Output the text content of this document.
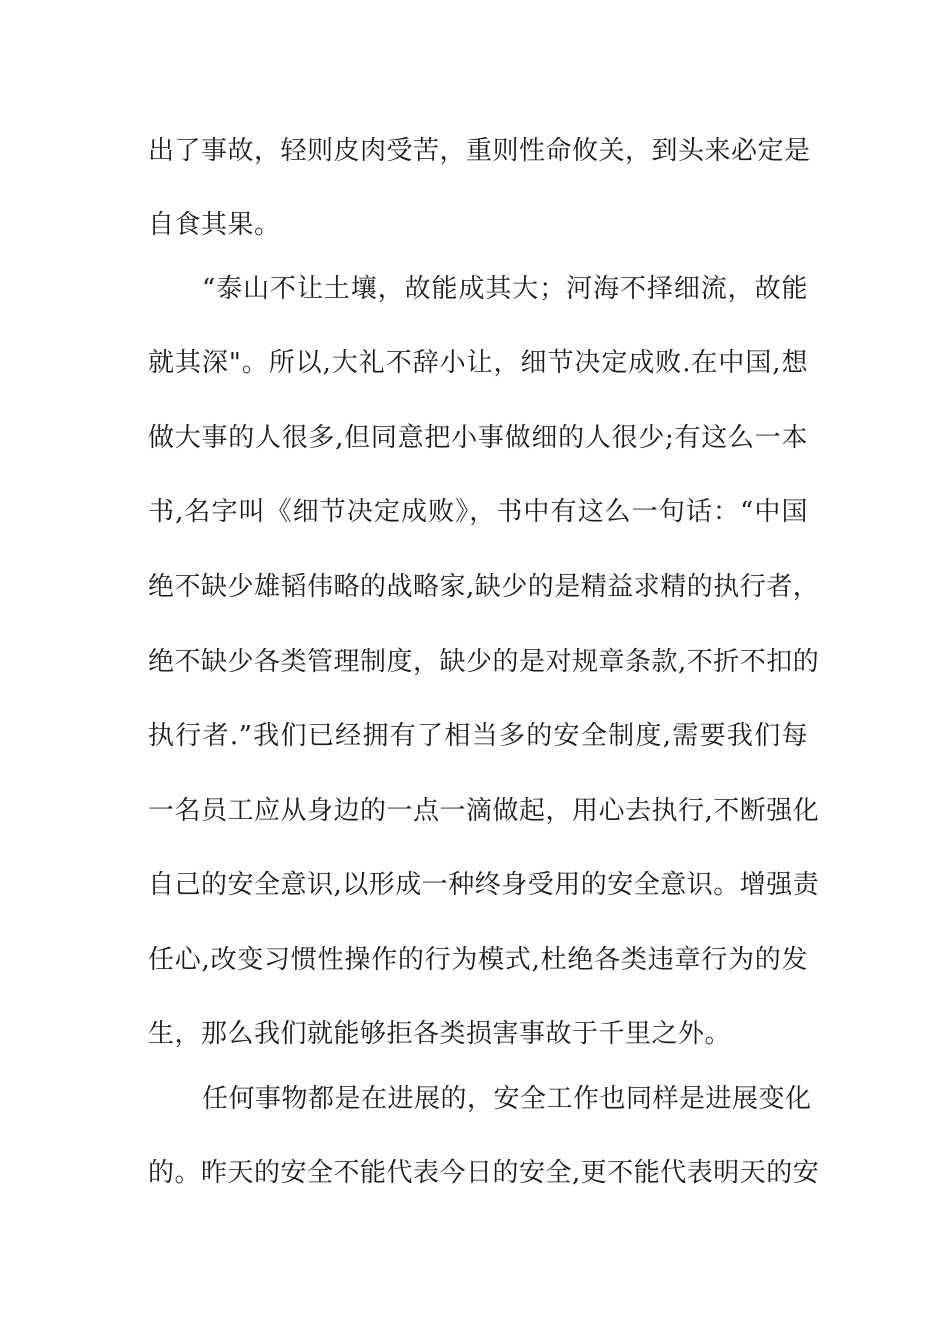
出了事故，轻则皮肉受苦，重则性命攸关，到头来必定是
自食其果。
“泰山不让土壤，故能成其大；河海不择细流，故能
就其深"。所以,大礼不辞小让，细节决定成败.在中国,想
做大事的人很多,但同意把小事做细的人很少;有这么一本
书,名字叫《细节决定成败》，书中有这么一句话：“中国
绝不缺少雄韬伟略的战略家,缺少的是精益求精的执行者，
绝不缺少各类管理制度，缺少的是对规章条款,不折不扣的
执行者.”我们已经拥有了相当多的安全制度,需要我们每
一名员工应从身边的一点一滴做起，用心去执行,不断强化
自己的安全意识,以形成一种终身受用的安全意识。增强责
任心,改变习惯性操作的行为模式,杜绝各类违章行为的发
生，那么我们就能够拒各类损害事故于千里之外。
任何事物都是在进展的，安全工作也同样是进展变化
的。昨天的安全不能代表今日的安全,更不能代表明天的安
